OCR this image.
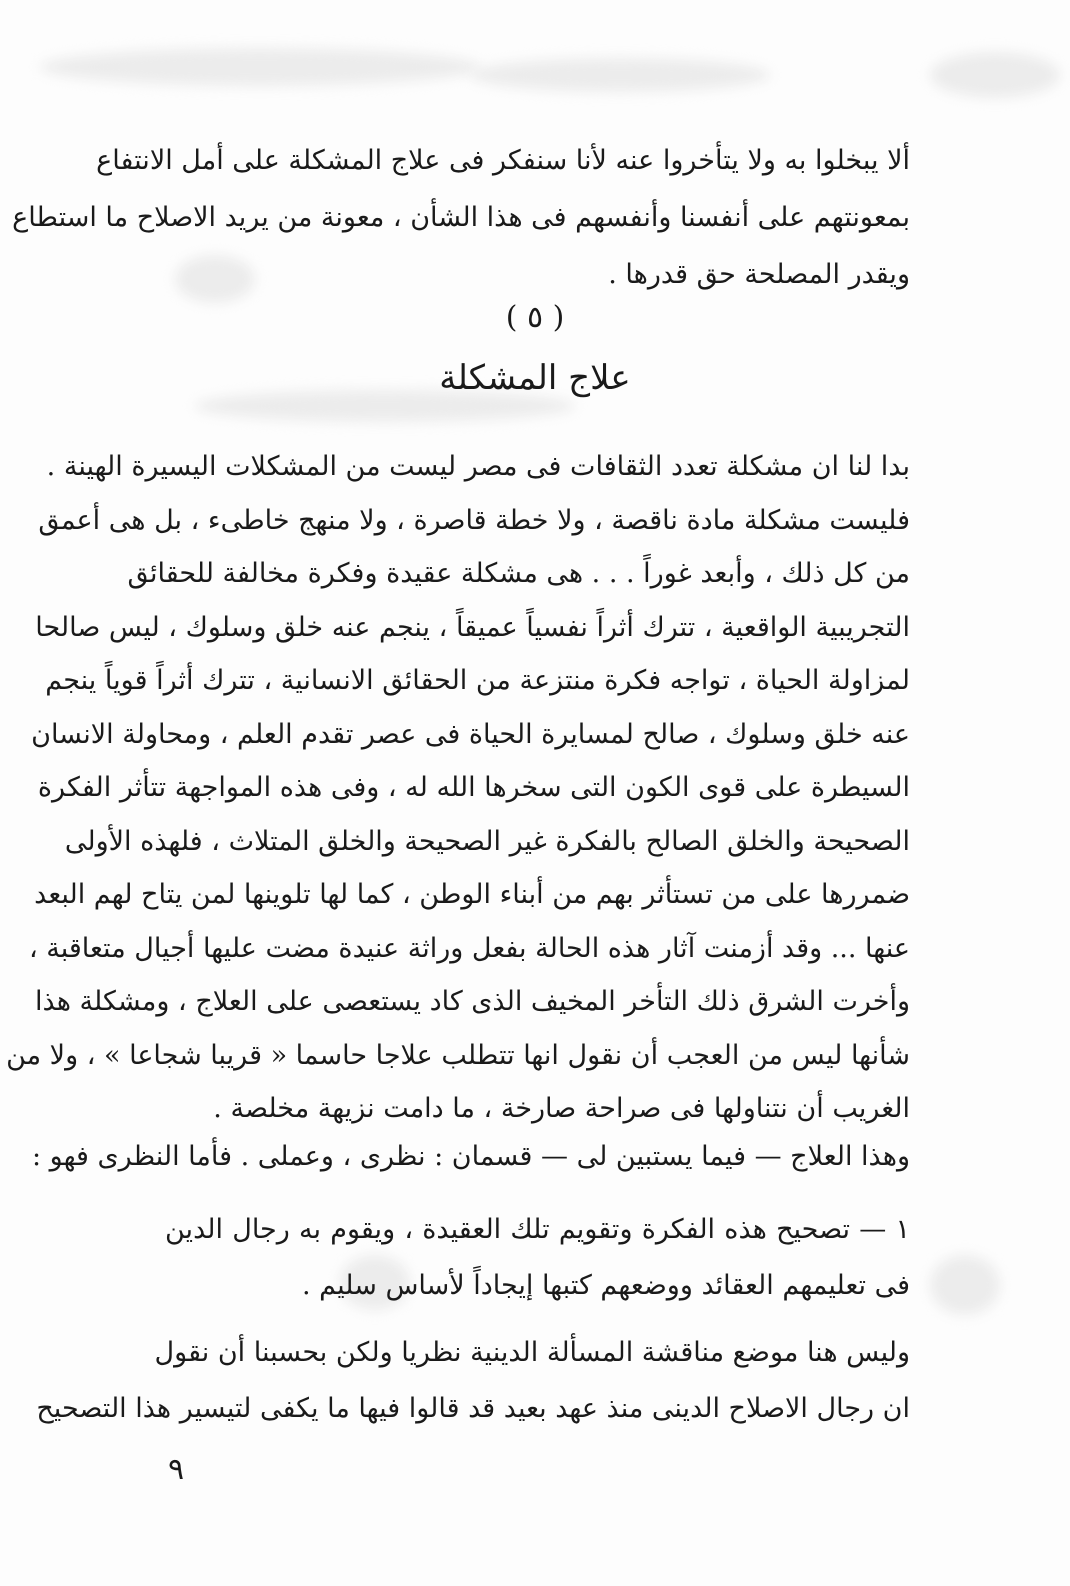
ألا يبخلوا به ولا يتأخروا عنه لأنا سنفكر فى علاج المشكلة على أمل الانتفاع
بمعونتهم على أنفسنا وأنفسهم فى هذا الشأن ، معونة من يريد الاصلاح ما استطاع
ويقدر المصلحة حق قدرها .
( ٥ )
علاج المشكلة
بدا لنا ان مشكلة تعدد الثقافات فى مصر ليست من المشكلات اليسيرة الهينة .
فليست مشكلة مادة ناقصة ، ولا خطة قاصرة ، ولا منهج خاطىء ، بل هى أعمق
من كل ذلك ، وأبعد غوراً . . . هى مشكلة عقيدة وفكرة مخالفة للحقائق
التجريبية الواقعية ، تترك أثراً نفسياً عميقاً ، ينجم عنه خلق وسلوك ، ليس صالحا
لمزاولة الحياة ، تواجه فكرة منتزعة من الحقائق الانسانية ، تترك أثراً قوياً ينجم
عنه خلق وسلوك ، صالح لمسايرة الحياة فى عصر تقدم العلم ، ومحاولة الانسان
السيطرة على قوى الكون التى سخرها الله له ، وفى هذه المواجهة تتأثر الفكرة
الصحيحة والخلق الصالح بالفكرة غير الصحيحة والخلق المتلاث ، فلهذه الأولى
ضمررها على من تستأثر بهم من أبناء الوطن ، كما لها تلوينها لمن يتاح لهم البعد
عنها ... وقد أزمنت آثار هذه الحالة بفعل وراثة عنيدة مضت عليها أجيال متعاقبة ،
وأخرت الشرق ذلك التأخر المخيف الذى كاد يستعصى على العلاج ، ومشكلة هذا
شأنها ليس من العجب أن نقول انها تتطلب علاجا حاسما « قريبا شجاعا » ، ولا من
الغريب أن نتناولها فى صراحة صارخة ، ما دامت نزيهة مخلصة .
وهذا العلاج — فيما يستبين لى — قسمان : نظرى ، وعملى . فأما النظرى فهو :
١ — تصحيح هذه الفكرة وتقويم تلك العقيدة ، ويقوم به رجال الدين
فى تعليمهم العقائد ووضعهم كتبها إيجاداً لأساس سليم .
وليس هنا موضع مناقشة المسألة الدينية نظريا ولكن بحسبنا أن نقول
ان رجال الاصلاح الدينى منذ عهد بعيد قد قالوا فيها ما يكفى لتيسير هذا التصحيح
٩
